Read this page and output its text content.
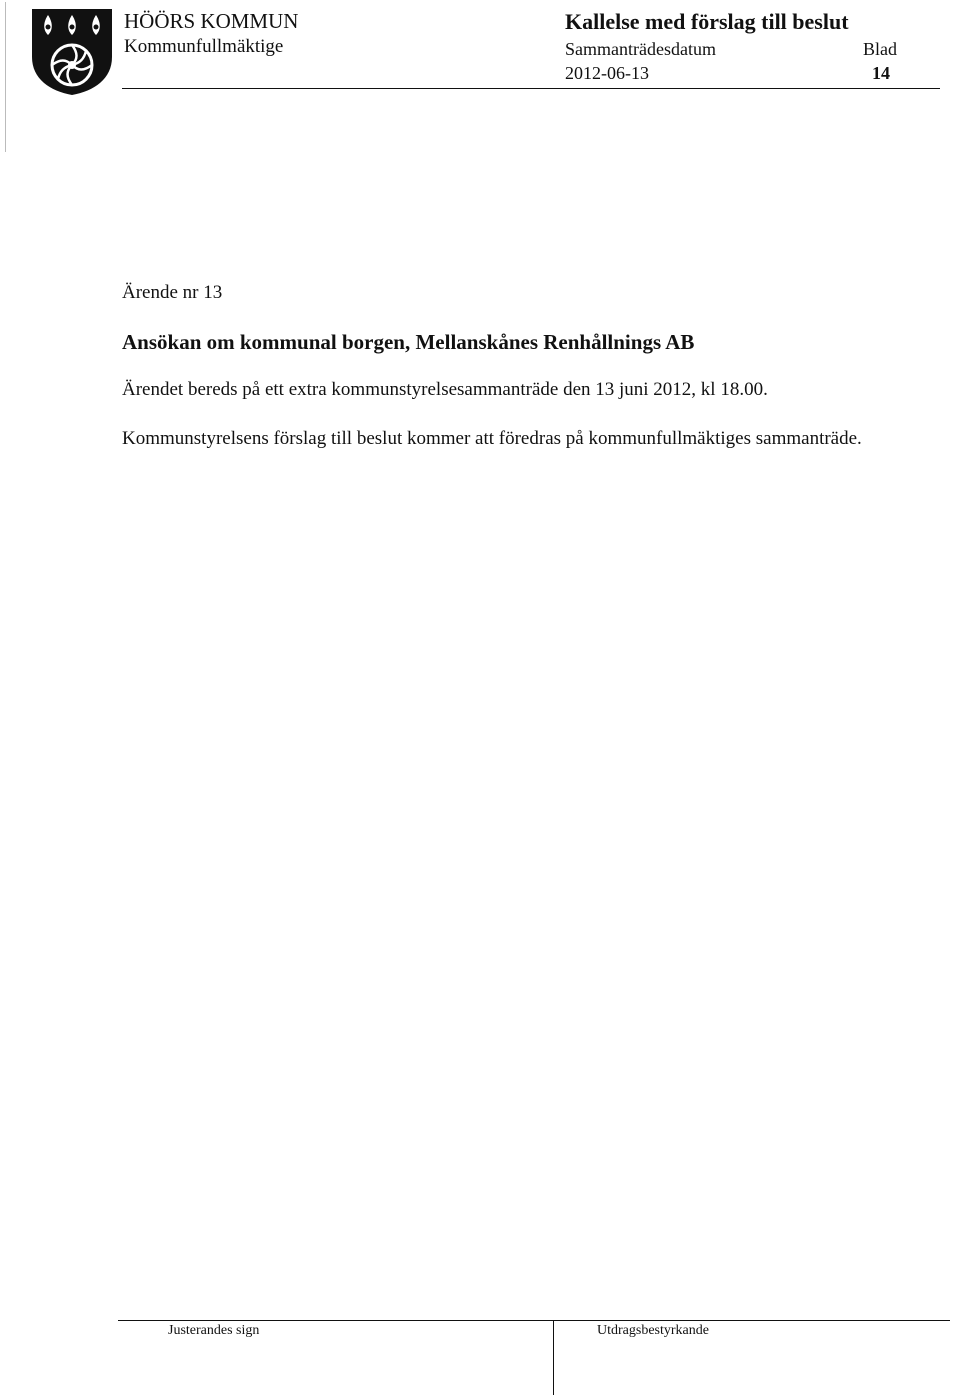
HÖÖRS KOMMUN
Kommunfullmäktige
Kallelse med förslag till beslut
Sammanträdesdatum
2012-06-13
Blad
14
Ärende nr 13
Ansökan om kommunal borgen, Mellanskånes Renhållnings AB
Ärendet bereds på ett extra kommunstyrelsesammanträde den 13 juni 2012, kl 18.00.
Kommunstyrelsens förslag till beslut kommer att föredras på kommunfullmäktiges sammanträde.
Justerandes sign	Utdragsbestyrkande
